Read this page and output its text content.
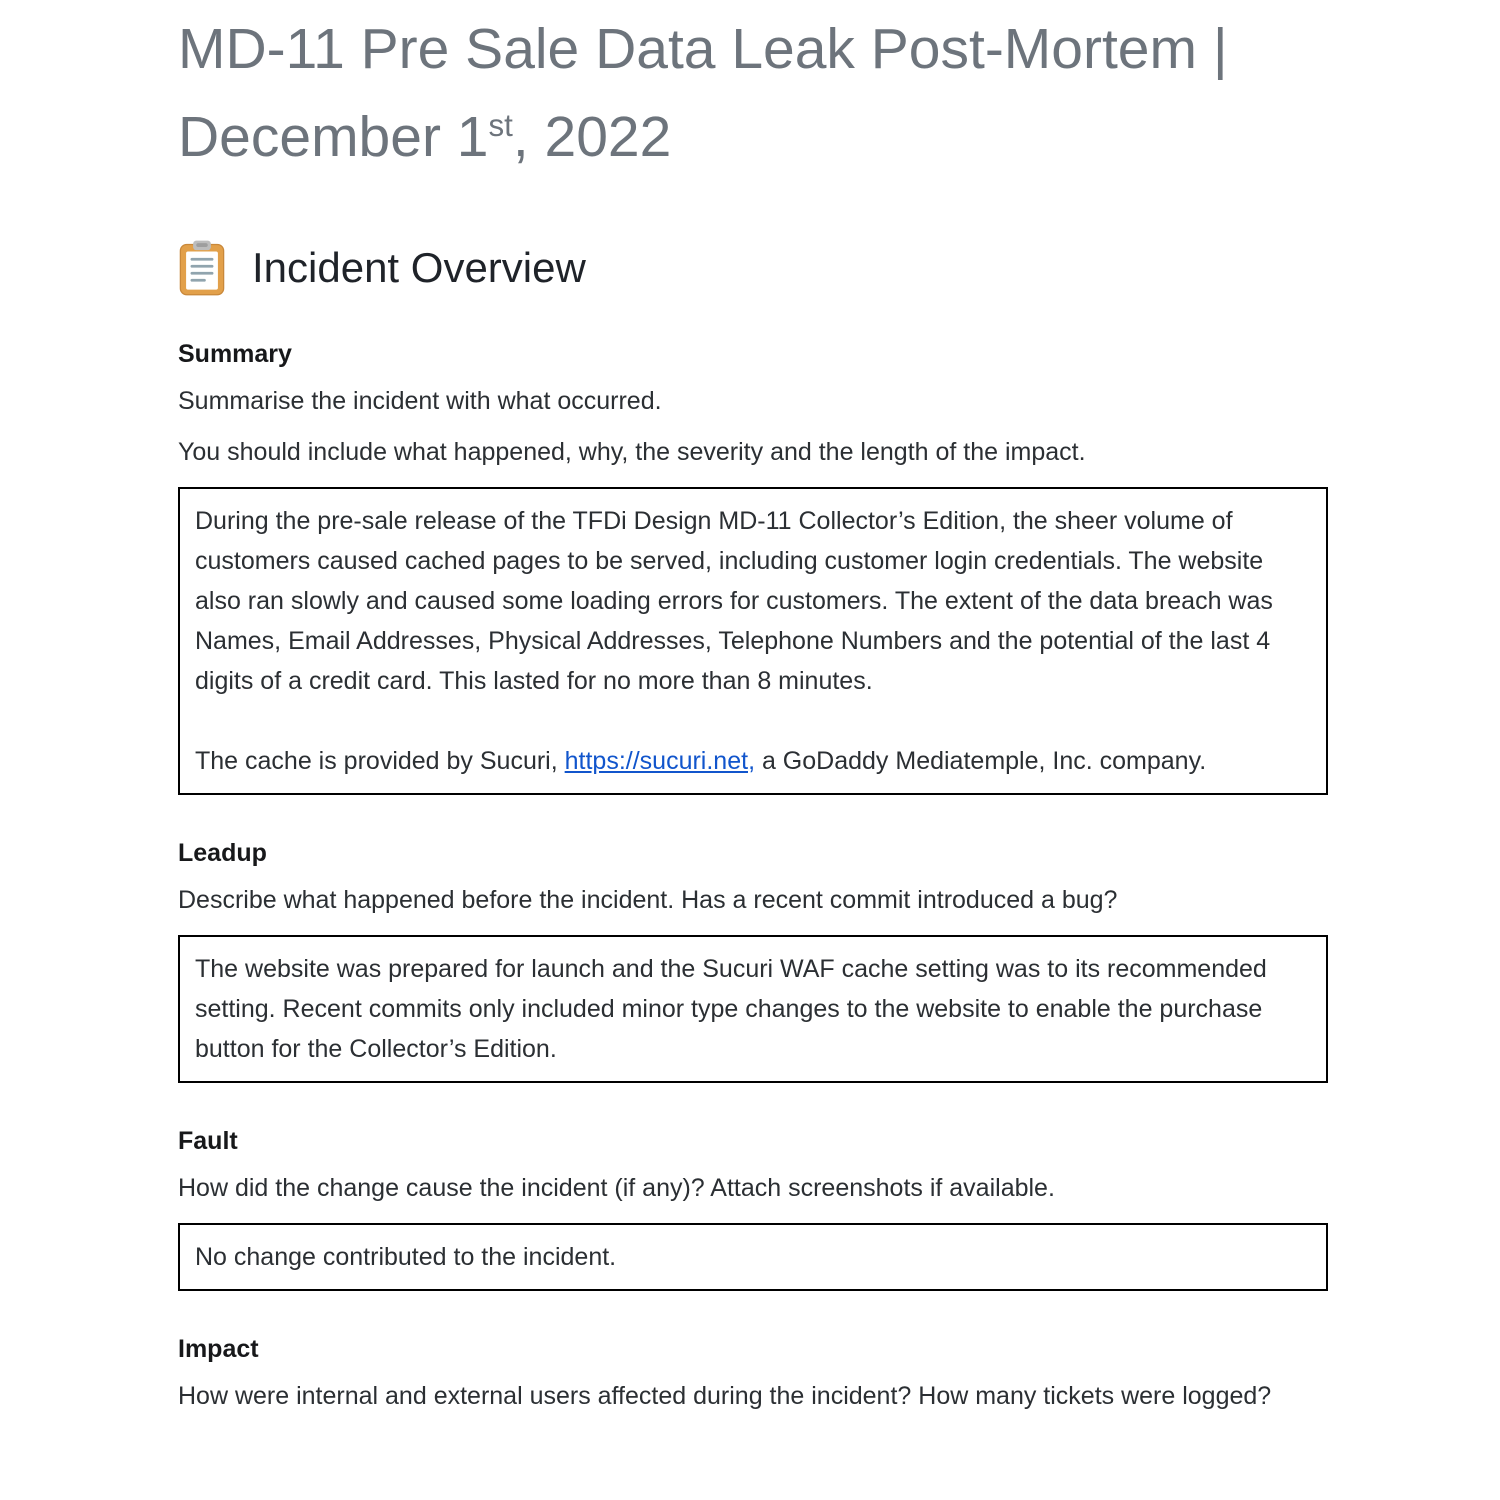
MD-11 Pre Sale Data Leak Post-Mortem | December 1st, 2022
Incident Overview

Summary

Summarise the incident with what occurred.

You should include what happened, why, the severity and the length of the impact.

During the pre-sale release of the TFDi Design MD-11 Collector’s Edition, the sheer volume of customers caused cached pages to be served, including customer login credentials. The website also ran slowly and caused some loading errors for customers. The extent of the data breach was Names, Email Addresses, Physical Addresses, Telephone Numbers and the potential of the last 4 digits of a credit card. This lasted for no more than 8 minutes.

The cache is provided by Sucuri, https://sucuri.net, a GoDaddy Mediatemple, Inc. company.

Leadup

Describe what happened before the incident. Has a recent commit introduced a bug?

The website was prepared for launch and the Sucuri WAF cache setting was to its recommended setting. Recent commits only included minor type changes to the website to enable the purchase button for the Collector’s Edition.

Fault

How did the change cause the incident (if any)? Attach screenshots if available.

No change contributed to the incident.

Impact

How were internal and external users affected during the incident? How many tickets were logged?
